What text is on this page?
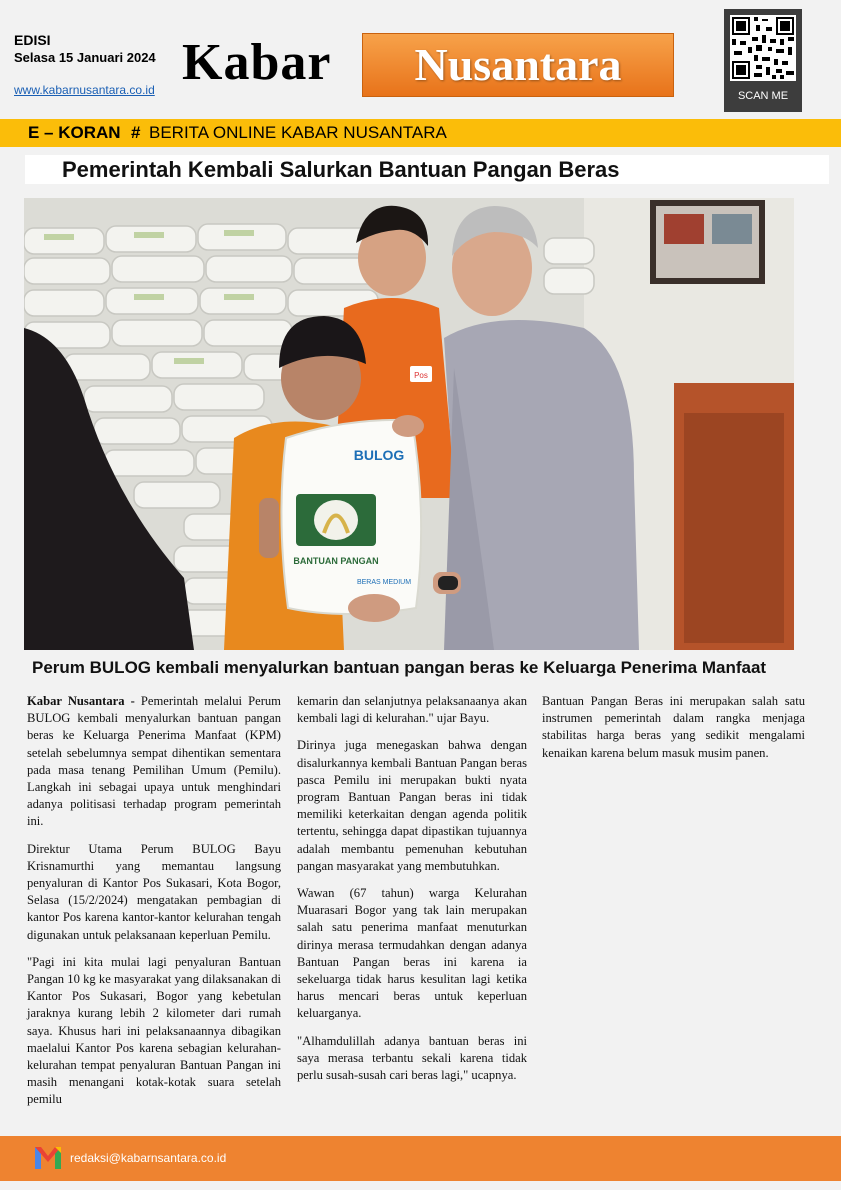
EDISI
Selasa 15 Januari 2024
www.kabarnusantara.co.id Kabar	Nusantara
SCAN ME
E – KORAN # BERITA ONLINE KABAR NUSANTARA
Pemerintah Kembali Salurkan Bantuan Pangan Beras
Pos
BULOG
BANTUAN PANGAN
BERAS MEDIUM
Perum BULOG kembali menyalurkan bantuan pangan beras ke Keluarga Penerima Manfaat

Kabar Nusantara - Pemerintah melalui Perum BULOG kembali menyalurkan bantuan pangan beras ke Keluarga Penerima Manfaat (KPM) setelah sebelumnya sempat dihentikan sementara pada masa tenang Pemilihan Umum (Pemilu). Langkah ini sebagai upaya untuk menghindari adanya politisasi terhadap program pemerintah ini.

Direktur Utama Perum BULOG Bayu Krisnamurthi yang memantau langsung penyaluran di Kantor Pos Sukasari, Kota Bogor, Selasa (15/2/2024) mengatakan pembagian di kantor Pos karena kantor-kantor kelurahan tengah digunakan untuk pelaksanaan keperluan Pemilu.

"Pagi ini kita mulai lagi penyaluran Bantuan Pangan 10 kg ke masyarakat yang dilaksanakan di Kantor Pos Sukasari, Bogor yang kebetulan jaraknya kurang lebih 2 kilometer dari rumah saya. Khusus hari ini pelaksanaannya dibagikan maelalui Kantor Pos karena sebagian kelurahan-kelurahan tempat penyaluran Bantuan Pangan ini masih menangani kotak-kotak suara setelah pemilu

kemarin dan selanjutnya pelaksanaanya akan kembali lagi di kelurahan." ujar Bayu.

Dirinya juga menegaskan bahwa dengan disalurkannya kembali Bantuan Pangan beras pasca Pemilu ini merupakan bukti nyata program Bantuan Pangan beras ini tidak memiliki keterkaitan dengan agenda politik tertentu, sehingga dapat dipastikan tujuannya adalah membantu pemenuhan kebutuhan pangan masyarakat yang membutuhkan.

Wawan (67 tahun) warga Kelurahan Muarasari Bogor yang tak lain merupakan salah satu penerima manfaat menuturkan dirinya merasa termudahkan dengan adanya Bantuan Pangan beras ini karena ia sekeluarga tidak harus kesulitan lagi ketika harus mencari beras untuk keperluan keluarganya.

"Alhamdulillah adanya bantuan beras ini saya merasa terbantu sekali karena tidak perlu susah-susah cari beras lagi," ucapnya.

Bantuan Pangan Beras ini merupakan salah satu instrumen pemerintah dalam rangka menjaga stabilitas harga beras yang sedikit mengalami kenaikan karena belum masuk musim panen.

redaksi@kabarnsantara.co.id
